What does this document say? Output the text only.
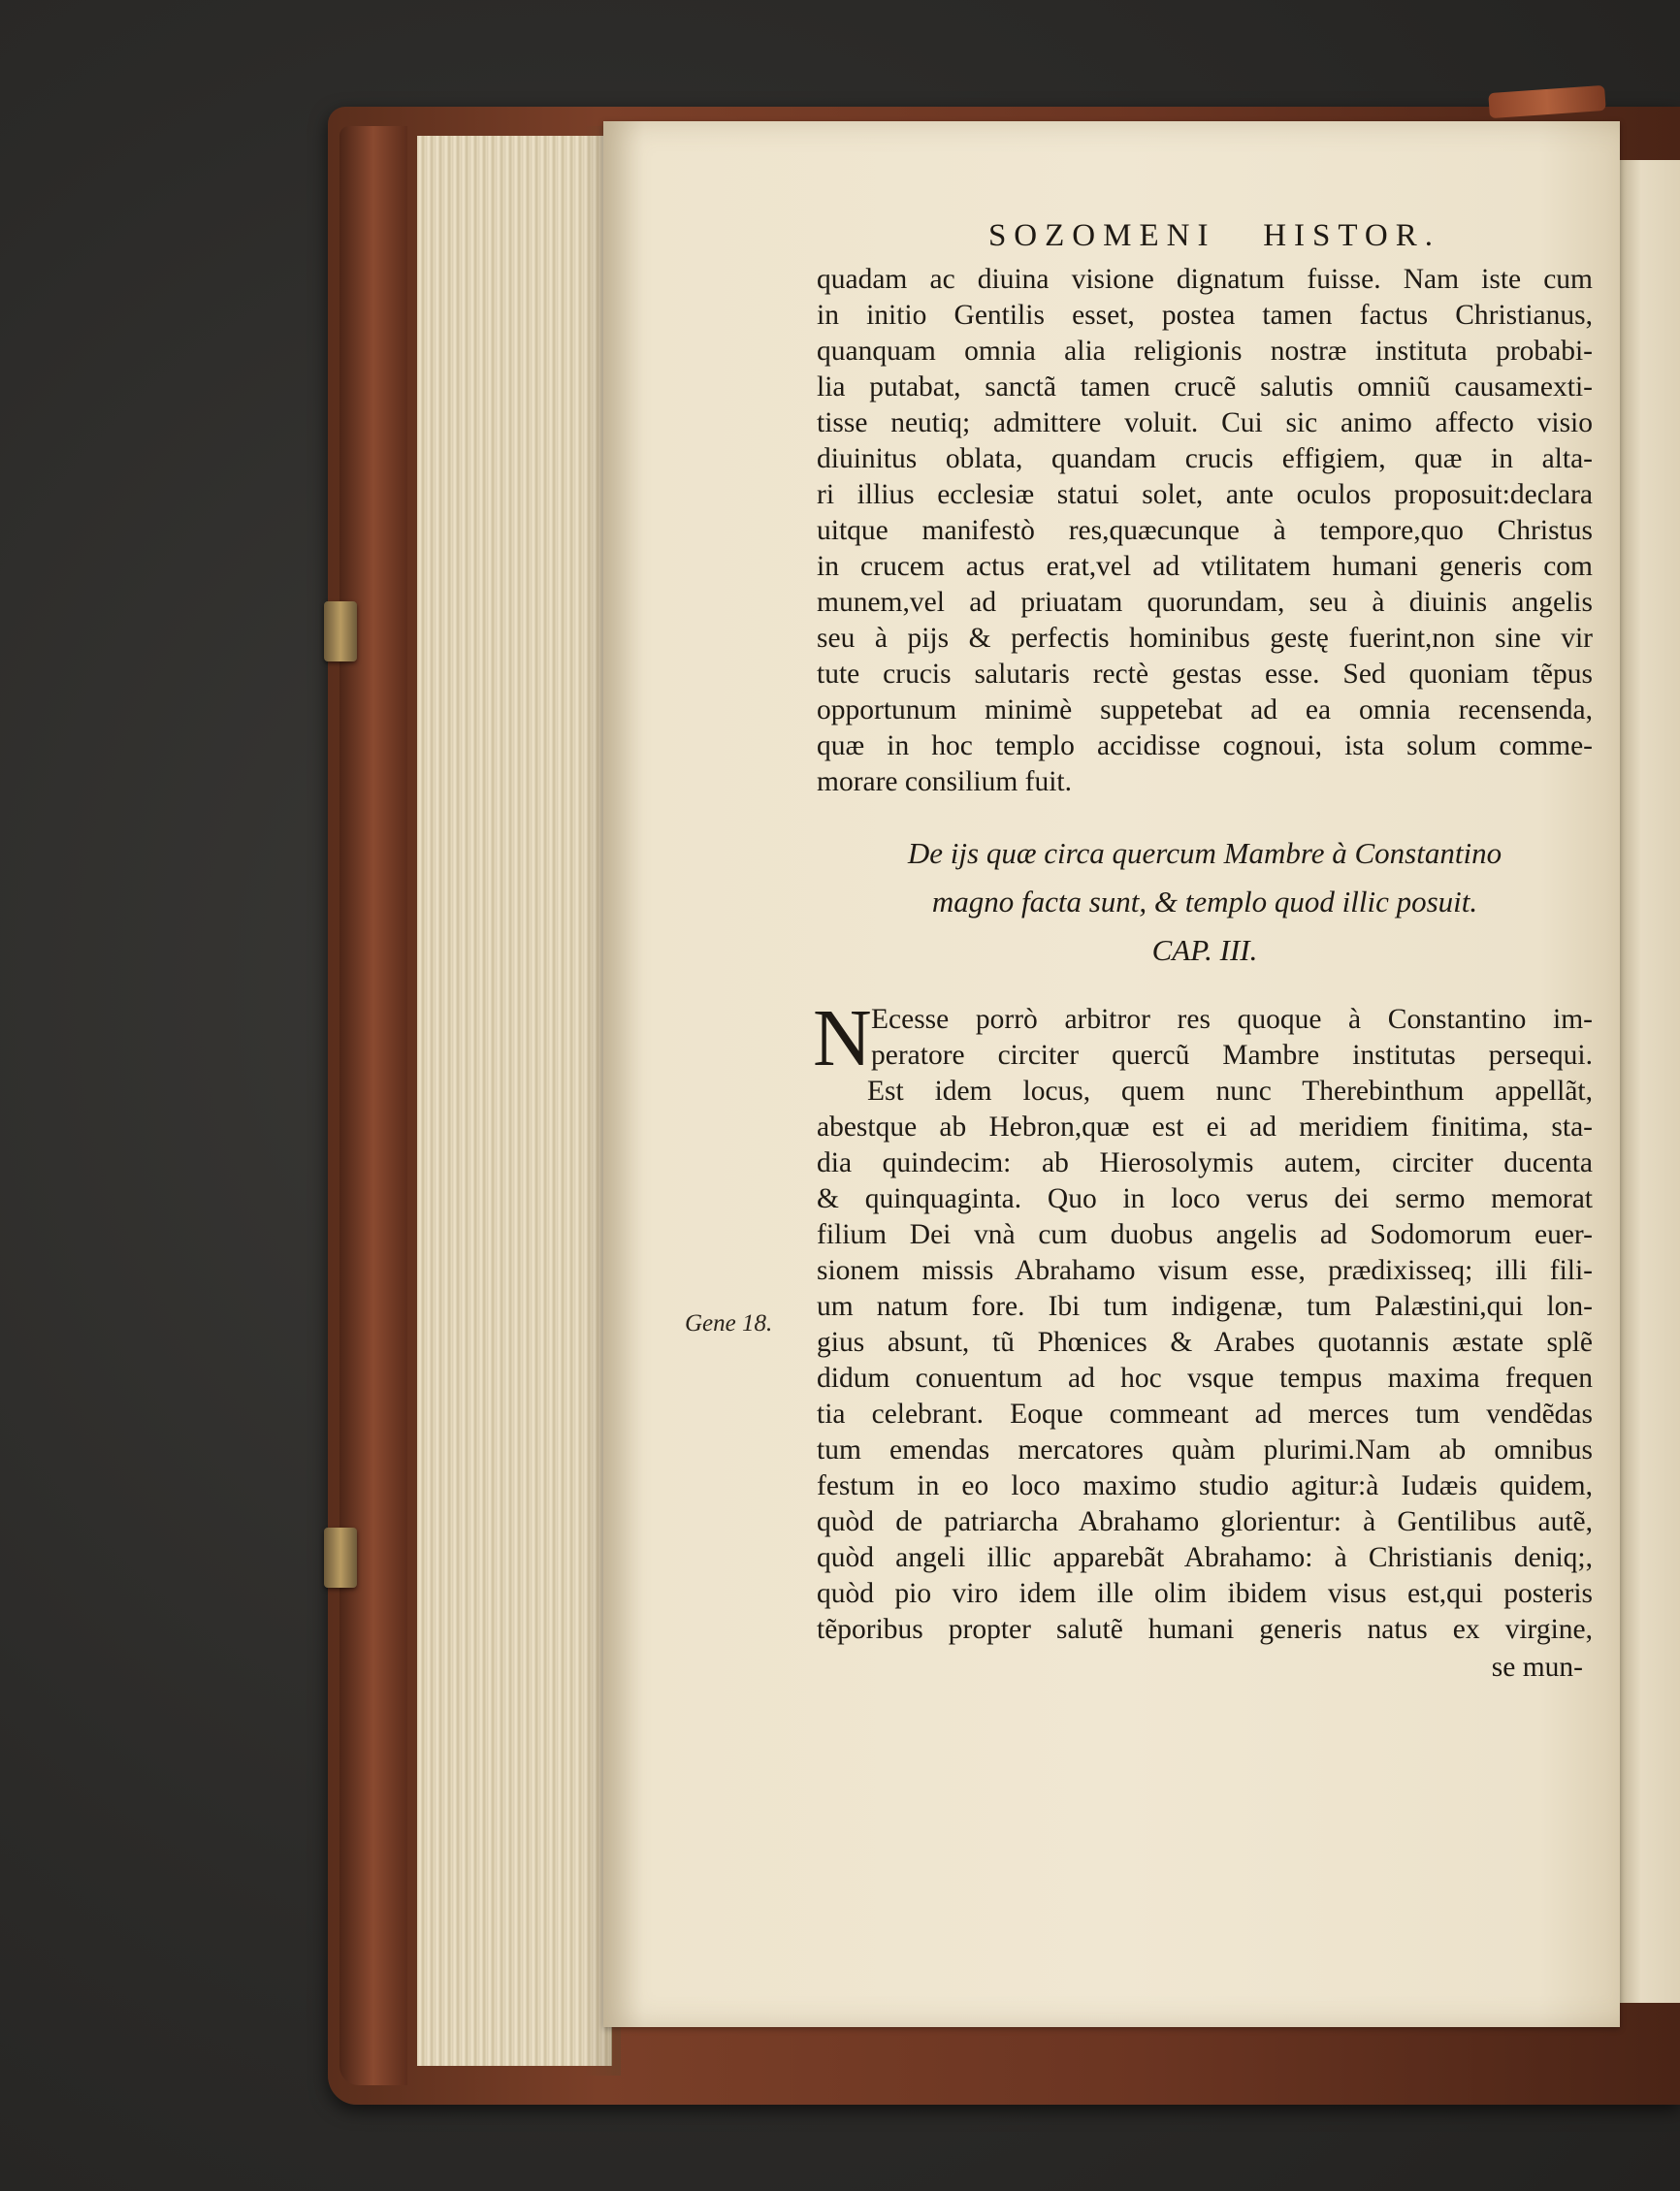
Gene 18.
SOZOMENI   HISTOR.
quadam ac diuina visione dignatum fuisse. Nam iste cum
in initio Gentilis esset, postea tamen factus Christianus,
quanquam omnia alia religionis nostræ instituta probabi-
lia putabat, sanctã tamen crucẽ salutis omniũ causamexti-
tisse neutiq; admittere voluit. Cui sic animo affecto visio
diuinitus oblata, quandam crucis effigiem, quæ in alta-
ri illius ecclesiæ statui solet, ante oculos proposuit:declara
uitque manifestò res,quæcunque à tempore,quo Christus
in crucem actus erat,vel ad vtilitatem humani generis com
munem,vel ad priuatam quorundam, seu à diuinis angelis
seu à pijs & perfectis hominibus gestę fuerint,non sine vir
tute crucis salutaris rectè gestas esse. Sed quoniam tẽpus
opportunum minimè suppetebat ad ea omnia recensenda,
quæ in hoc templo accidisse cognoui, ista solum comme-
morare consilium fuit.
De ijs quæ circa quercum Mambre à Constantino
magno facta sunt, & templo quod illic posuit.
CAP. III.
N Ecesse porrò arbitror res quoque à Constantino im-
peratore circiter quercũ Mambre institutas persequi.
Est idem locus, quem nunc Therebinthum appellãt,
abestque ab Hebron,quæ est ei ad meridiem finitima, sta-
dia quindecim: ab Hierosolymis autem, circiter ducenta
& quinquaginta. Quo in loco verus dei sermo memorat
filium Dei vnà cum duobus angelis ad Sodomorum euer-
sionem missis Abrahamo visum esse, prædixisseq; illi fili-
um natum fore. Ibi tum indigenæ, tum Palæstini,qui lon-
gius absunt, tũ Phœnices & Arabes quotannis æstate splẽ
didum conuentum ad hoc vsque tempus maxima frequen
tia celebrant. Eoque commeant ad merces tum vendẽdas
tum emendas mercatores quàm plurimi.Nam ab omnibus
festum in eo loco maximo studio agitur:à Iudæis quidem,
quòd de patriarcha Abrahamo glorientur: à Gentilibus autẽ,
quòd angeli illic apparebãt Abrahamo: à Christianis deniq;,
quòd pio viro idem ille olim ibidem visus est,qui posteris
tẽporibus propter salutẽ humani generis natus ex virgine,
se mun-
